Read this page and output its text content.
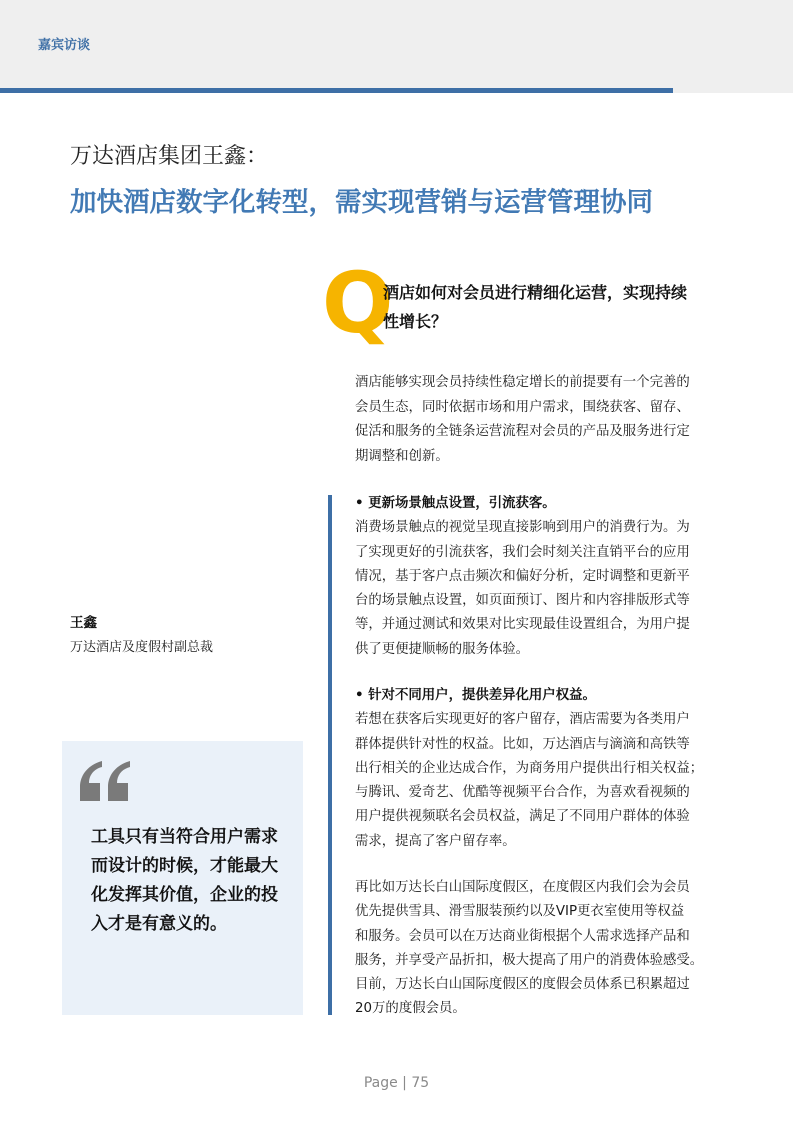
嘉宾访谈
万达酒店集团王鑫：
加快酒店数字化转型，需实现营销与运营管理协同
王鑫
万达酒店及度假村副总裁
工具只有当符合用户需求
而设计的时候，才能最大
化发挥其价值，企业的投
入才是有意义的。
Q
酒店如何对会员进行精细化运营，实现持续
性增长？
酒店能够实现会员持续性稳定增长的前提要有一个完善的
会员生态，同时依据市场和用户需求，围绕获客、留存、
促活和服务的全链条运营流程对会员的产品及服务进行定
期调整和创新。
• 更新场景触点设置，引流获客。
消费场景触点的视觉呈现直接影响到用户的消费行为。为
了实现更好的引流获客，我们会时刻关注直销平台的应用
情况，基于客户点击频次和偏好分析，定时调整和更新平
台的场景触点设置，如页面预订、图片和内容排版形式等
等，并通过测试和效果对比实现最佳设置组合，为用户提
供了更便捷顺畅的服务体验。
• 针对不同用户，提供差异化用户权益。
若想在获客后实现更好的客户留存，酒店需要为各类用户
群体提供针对性的权益。比如，万达酒店与滴滴和高铁等
出行相关的企业达成合作，为商务用户提供出行相关权益；
与腾讯、爱奇艺、优酷等视频平台合作，为喜欢看视频的
用户提供视频联名会员权益，满足了不同用户群体的体验
需求，提高了客户留存率。
再比如万达长白山国际度假区，在度假区内我们会为会员
优先提供雪具、滑雪服装预约以及VIP更衣室使用等权益
和服务。会员可以在万达商业街根据个人需求选择产品和
服务，并享受产品折扣，极大提高了用户的消费体验感受。
目前，万达长白山国际度假区的度假会员体系已积累超过
20万的度假会员。
Page | 75
